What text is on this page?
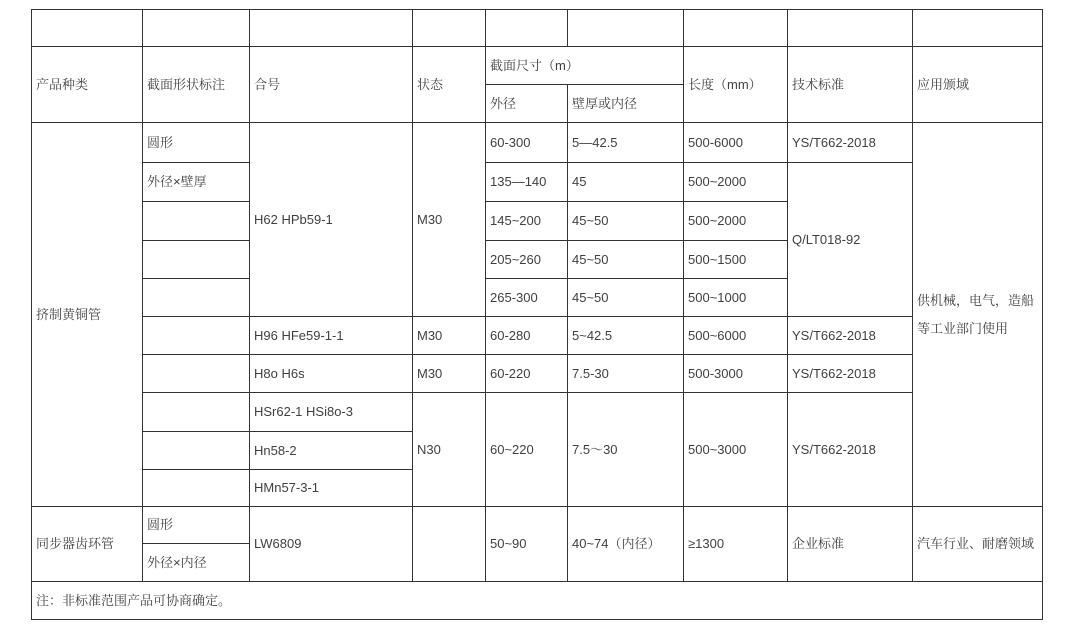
产品种类	截面形状标注	合号	状态	截面尺寸（m）		长度（mm）	技术标准	应用颁域
				外径	壁厚或内径			
挤制黄铜管	圆形	H62 HPb59-1	M30	60-300	5—42.5	500-6000	YS/T662-2018	供机械，电气，造船等工业部门使用
	外径×壁厚			135—140	45	500~2000	Q/LT018-92	
				145~200	45~50	500~2000		
				205~260	45~50	500~1500		
				265-300	45~50	500~1000		
		H96 HFe59-1-1	M30	60-280	5~42.5	500~6000	YS/T662-2018	
		H8o H6s	M30	60-220	7.5-30	500-3000	YS/T662-2018	
		HSr62-1 HSi8o-3	N30	60~220	7.5～30	500~3000	YS/T662-2018	
		Hn58-2						
		HMn57-3-1						
同步器齿环管	圆形	LW6809		50~90	40~74（内径）	≥1300	企业标准	汽车行业、耐磨领域
	外径×内径							
注：非标准范围产品可协商确定。								
